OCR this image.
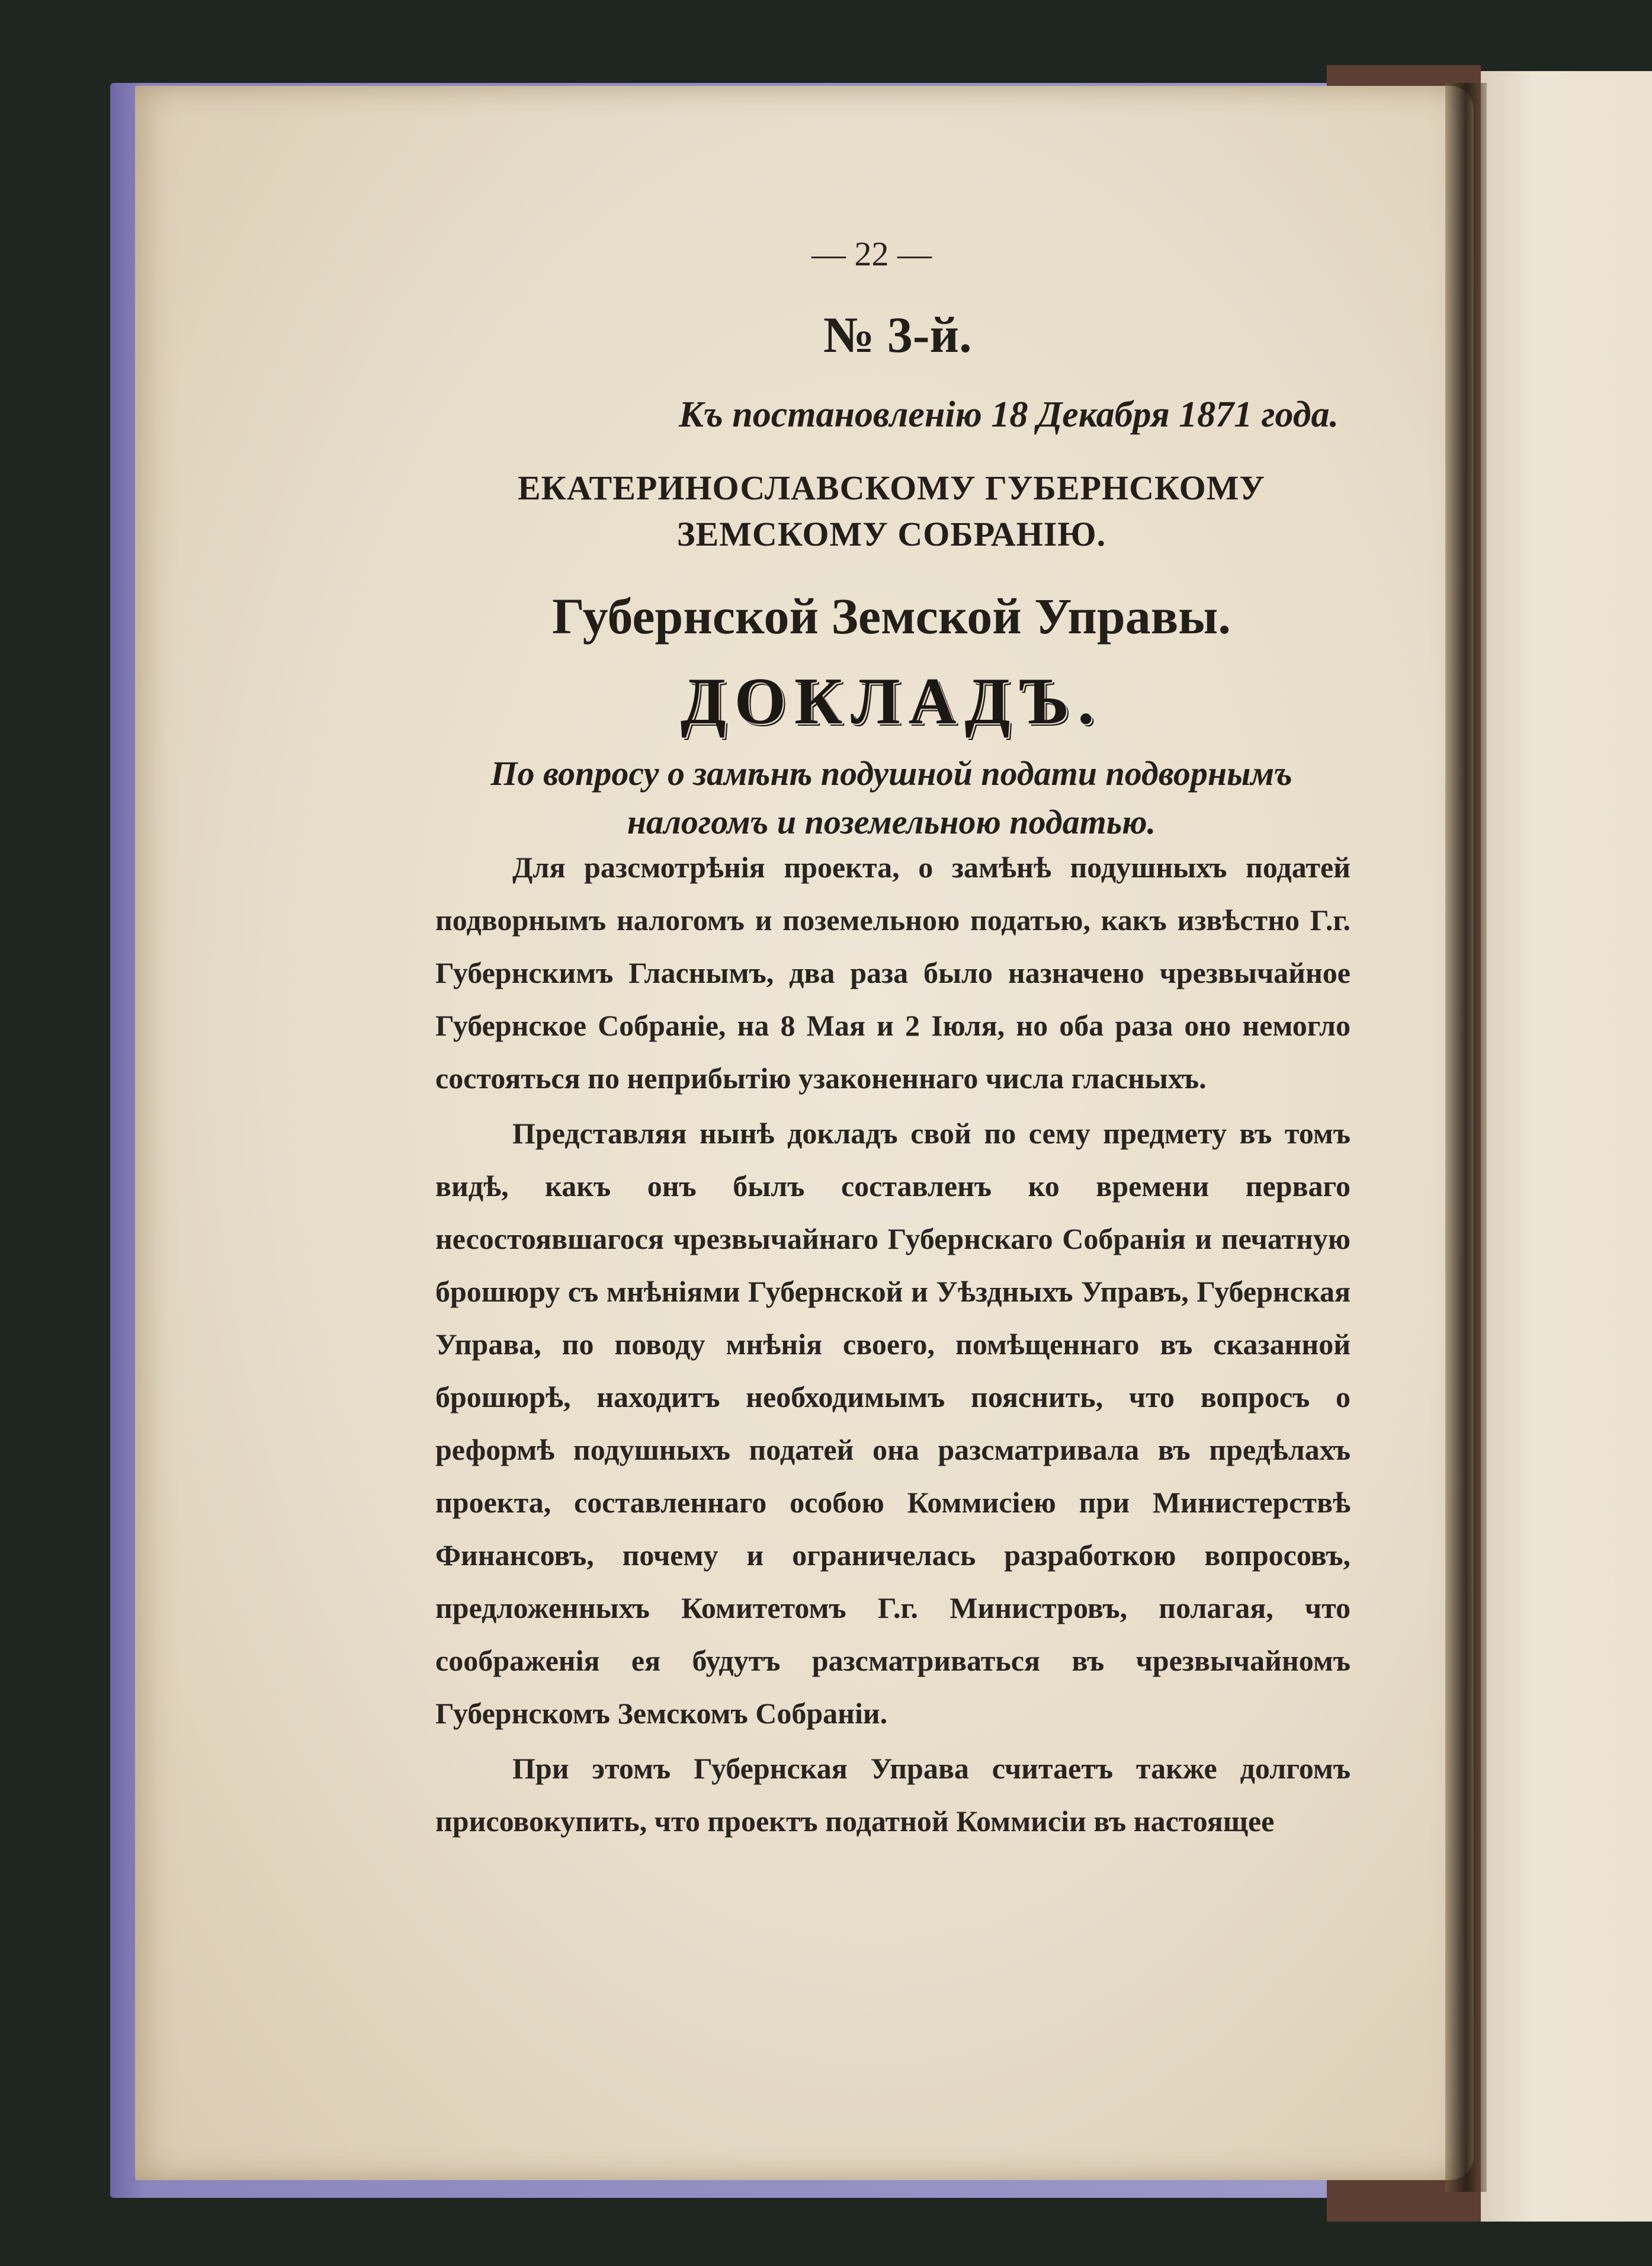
— 22 —
№ 3-й.
Къ постановленію 18 Декабря 1871 года.
ЕКАТЕРИНОСЛАВСКОМУ ГУБЕРНСКОМУ ЗЕМСКОМУ СОБРАНІЮ.
Губернской Земской Управы.
ДОКЛАДЪ.
По вопросу о замѣнѣ подушной подати подворнымъ налогомъ и поземельною податью.

Для разсмотрѣнія проекта, о замѣнѣ подушныхъ податей подворнымъ налогомъ и поземельною податью, какъ извѣстно Г.г. Губернскимъ Гласнымъ, два раза было назначено чрезвычайное Губернское Собраніе, на 8 Мая и 2 Іюля, но оба раза оно немогло состояться по неприбытію узаконеннаго числа гласныхъ.

Представляя нынѣ докладъ свой по сему предмету въ томъ видѣ, какъ онъ былъ составленъ ко времени перваго несостоявшагося чрезвычайнаго Губернскаго Собранія и печатную брошюру съ мнѣніями Губернской и Уѣздныхъ Управъ, Губернская Управа, по поводу мнѣнія своего, помѣщеннаго въ сказанной брошюрѣ, находитъ необходимымъ пояснить, что вопросъ о реформѣ подушныхъ податей она разсматривала въ предѣлахъ проекта, составленнаго особою Коммисіею при Министерствѣ Финансовъ, почему и ограничелась разработкою вопросовъ, предложенныхъ Комитетомъ Г.г. Министровъ, полагая, что соображенія ея будутъ разсматриваться въ чрезвычайномъ Губернскомъ Земскомъ Собраніи.

При этомъ Губернская Управа считаетъ также долгомъ присовокупить, что проектъ податной Коммисіи въ настоящее
